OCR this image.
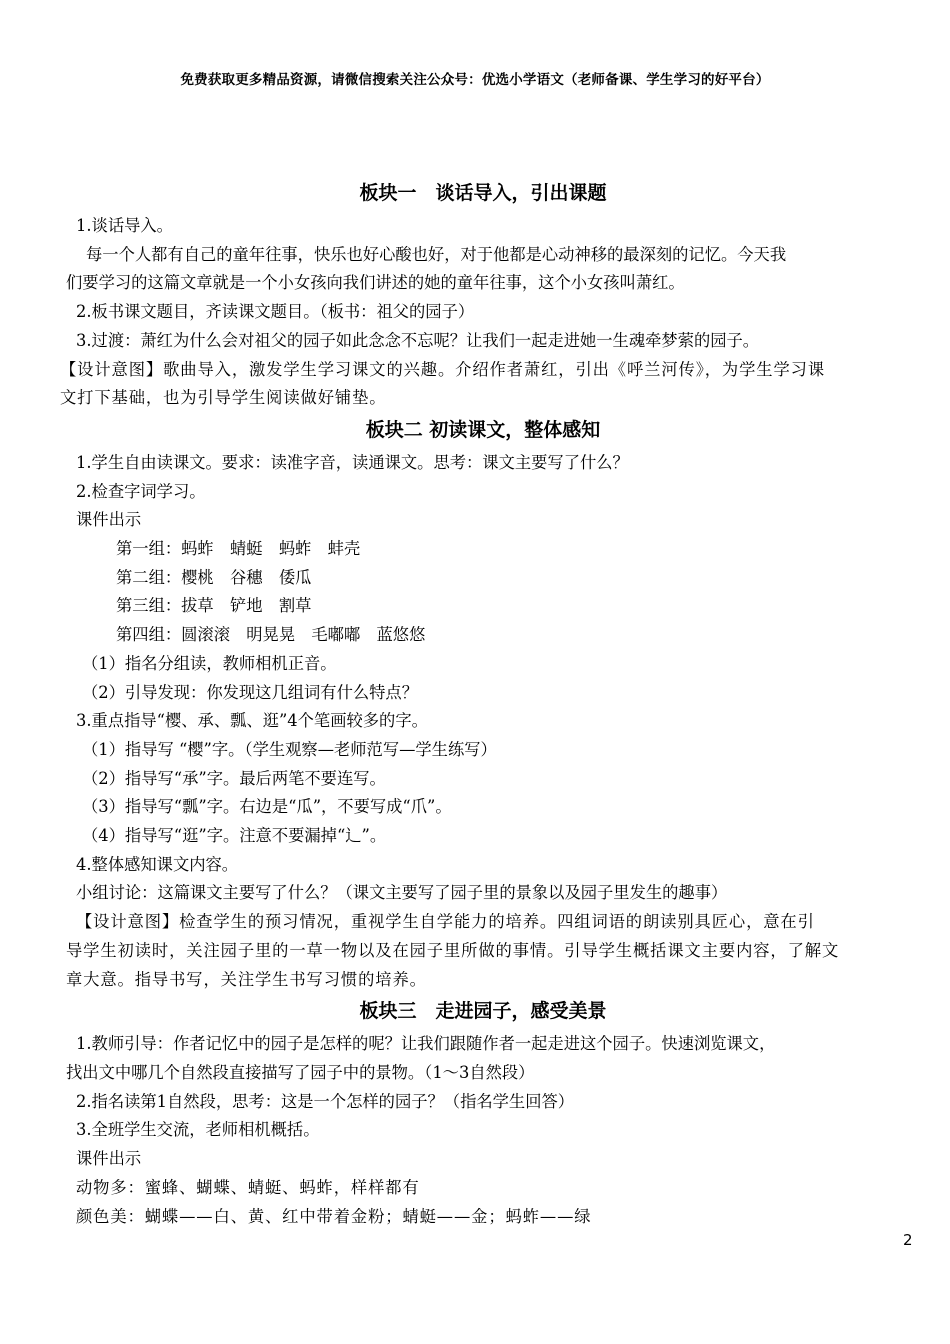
免费获取更多精品资源，请微信搜索关注公众号：优选小学语文（老师备课、学生学习的好平台）
板块一　谈话导入，引出课题

1.谈话导入。

每一个人都有自己的童年往事，快乐也好心酸也好，对于他都是心动神移的最深刻的记忆。今天我

们要学习的这篇文章就是一个小女孩向我们讲述的她的童年往事，这个小女孩叫萧红。

2.板书课文题目，齐读课文题目。（板书：祖父的园子）

3.过渡：萧红为什么会对祖父的园子如此念念不忘呢？让我们一起走进她一生魂牵梦萦的园子。

【设计意图】歌曲导入，激发学生学习课文的兴趣。介绍作者萧红，引出《呼兰河传》，为学生学习课

文打下基础，也为引导学生阅读做好铺垫。

板块二 初读课文，整体感知

1.学生自由读课文。要求：读准字音，读通课文。思考：课文主要写了什么？

2.检查字词学习。

课件出示

第一组：蚂蚱　蜻蜓　蚂蚱　蚌壳

第二组：樱桃　谷穗　倭瓜

第三组：拔草　铲地　割草

第四组：圆滚滚　明晃晃　毛嘟嘟　蓝悠悠

（1）指名分组读，教师相机正音。

（2）引导发现：你发现这几组词有什么特点？

3.重点指导“樱、承、瓢、逛”4个笔画较多的字。

（1）指导写 “樱”字。（学生观察—老师范写—学生练写）

（2）指导写“承”字。最后两笔不要连写。

（3）指导写“瓢”字。右边是“瓜”，不要写成“爪”。

（4）指导写“逛”字。注意不要漏掉“辶”。

4.整体感知课文内容。

小组讨论：这篇课文主要写了什么？（课文主要写了园子里的景象以及园子里发生的趣事）

【设计意图】检查学生的预习情况，重视学生自学能力的培养。四组词语的朗读别具匠心，意在引

导学生初读时，关注园子里的一草一物以及在园子里所做的事情。引导学生概括课文主要内容，了解文

章大意。指导书写，关注学生书写习惯的培养。

板块三　走进园子，感受美景

1.教师引导：作者记忆中的园子是怎样的呢？让我们跟随作者一起走进这个园子。快速浏览课文，

找出文中哪几个自然段直接描写了园子中的景物。（1～3自然段）

2.指名读第1自然段，思考：这是一个怎样的园子？（指名学生回答）

3.全班学生交流，老师相机概括。

课件出示

动物多：蜜蜂、蝴蝶、蜻蜓、蚂蚱，样样都有

颜色美：蝴蝶——白、黄、红中带着金粉；蜻蜓——金；蚂蚱——绿

2
